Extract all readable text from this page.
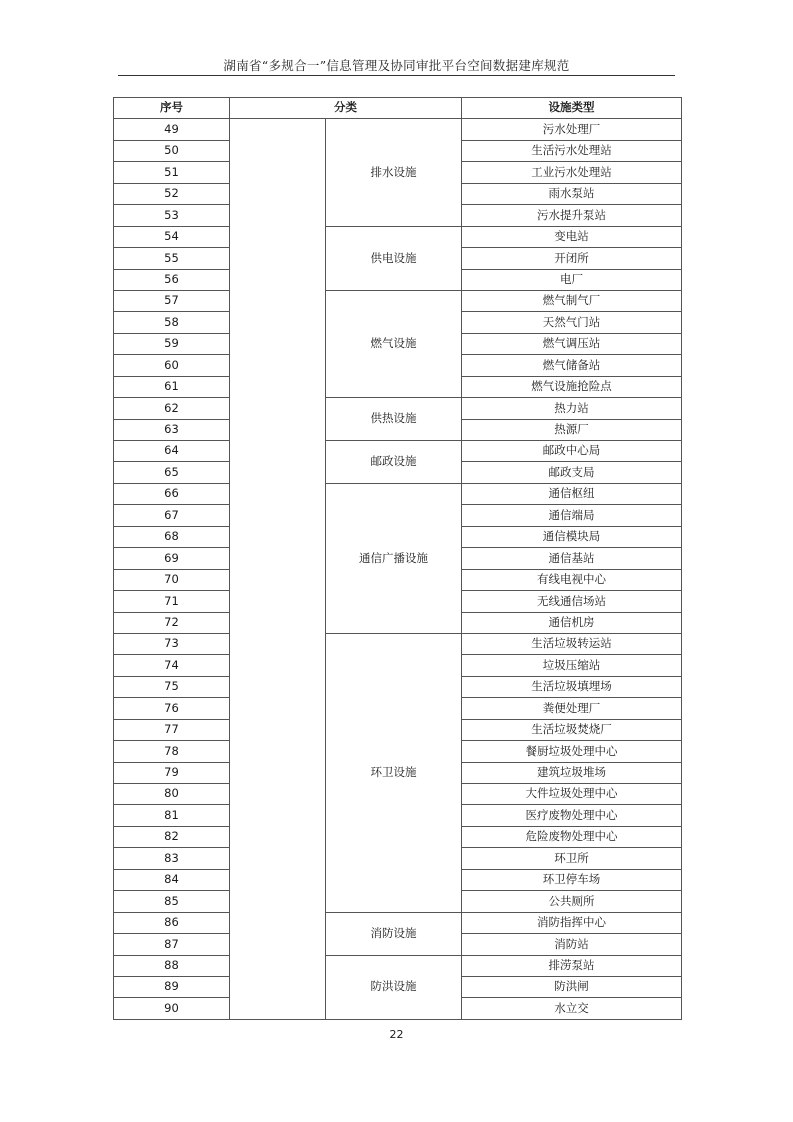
湖南省“多规合一”信息管理及协同审批平台空间数据建库规范
序号	分类		设施类型
49		排水设施	污水处理厂
50			生活污水处理站
51			工业污水处理站
52			雨水泵站
53			污水提升泵站
54		供电设施	变电站
55			开闭所
56			电厂
57		燃气设施	燃气制气厂
58			天然气门站
59			燃气调压站
60			燃气储备站
61			燃气设施抢险点
62		供热设施	热力站
63			热源厂
64		邮政设施	邮政中心局
65			邮政支局
66		通信广播设施	通信枢纽
67			通信端局
68			通信模块局
69			通信基站
70			有线电视中心
71			无线通信场站
72			通信机房
73		环卫设施	生活垃圾转运站
74			垃圾压缩站
75			生活垃圾填埋场
76			粪便处理厂
77			生活垃圾焚烧厂
78			餐厨垃圾处理中心
79			建筑垃圾堆场
80			大件垃圾处理中心
81			医疗废物处理中心
82			危险废物处理中心
83			环卫所
84			环卫停车场
85			公共厕所
86		消防设施	消防指挥中心
87			消防站
88		防洪设施	排涝泵站
89			防洪闸
90			水立交
22
